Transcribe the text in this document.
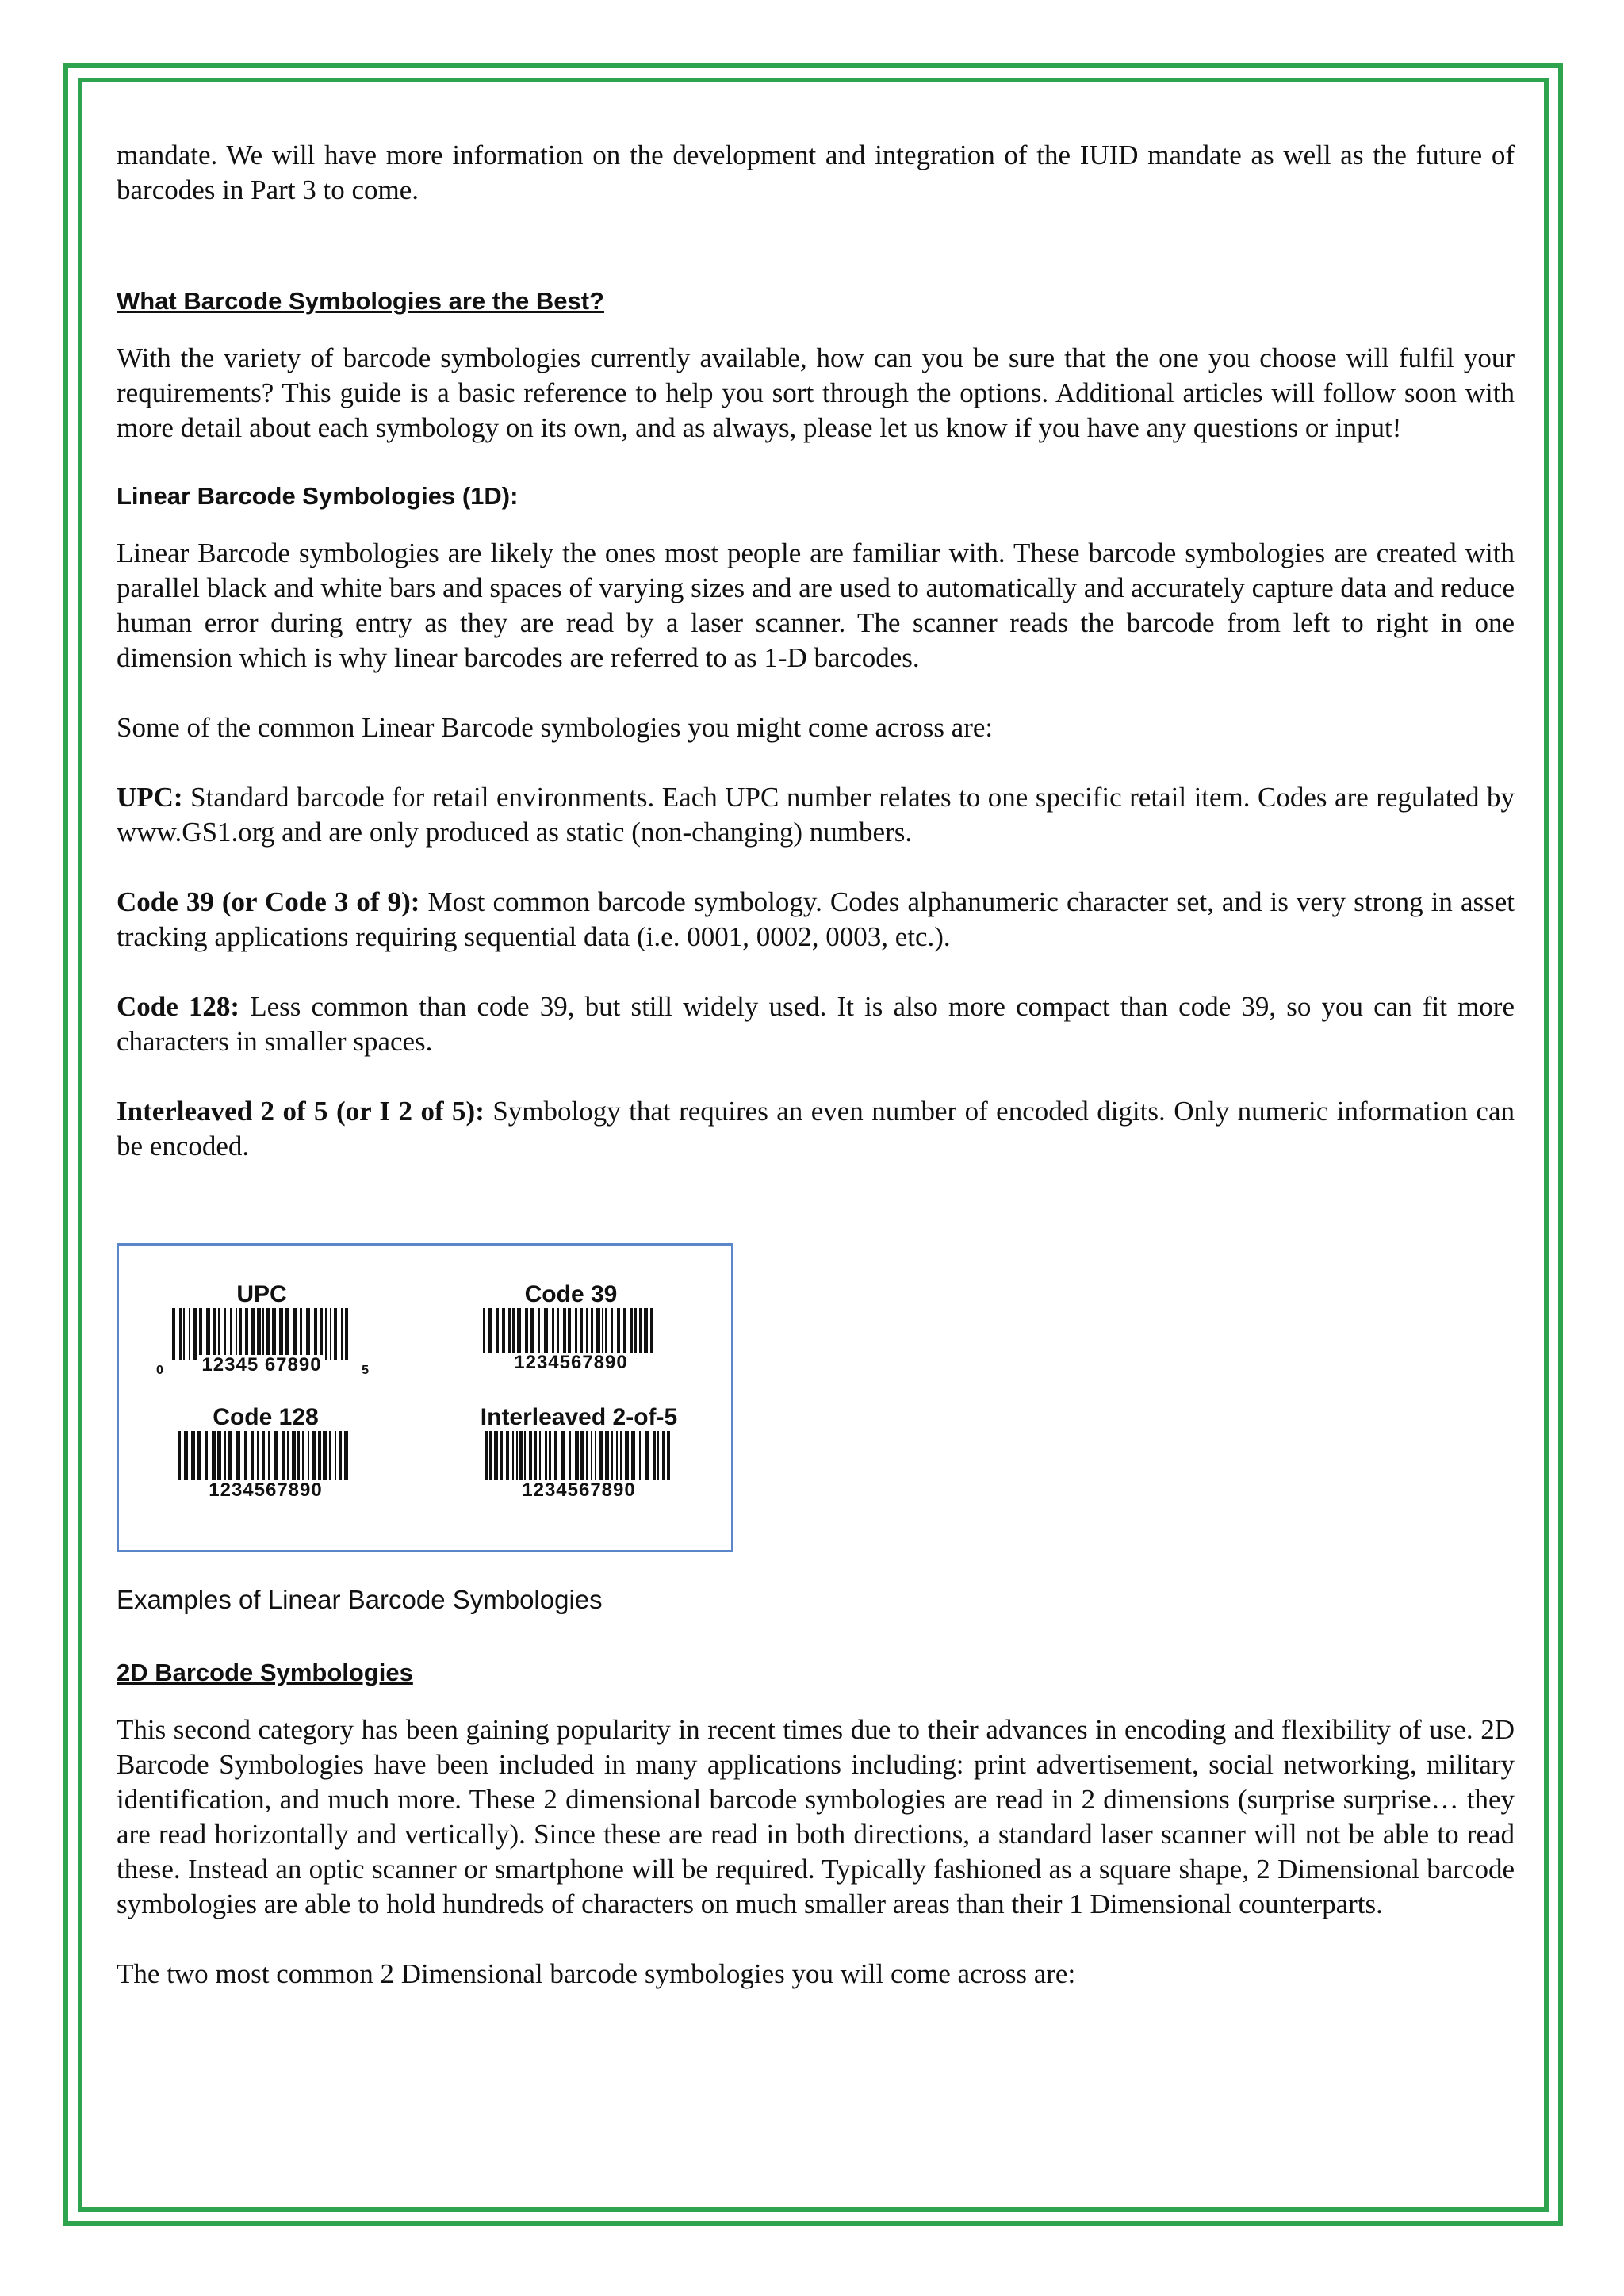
mandate. We will have more information on the development and integration of the IUID mandate as well as the future of barcodes in Part 3 to come.

What Barcode Symbologies are the Best?

With the variety of barcode symbologies currently available, how can you be sure that the one you choose will fulfil your requirements? This guide is a basic reference to help you sort through the options. Additional articles will follow soon with more detail about each symbology on its own, and as always, please let us know if you have any questions or input!

Linear Barcode Symbologies (1D):

Linear Barcode symbologies are likely the ones most people are familiar with. These barcode symbologies are created with parallel black and white bars and spaces of varying sizes and are used to automatically and accurately capture data and reduce human error during entry as they are read by a laser scanner. The scanner reads the barcode from left to right in one dimension which is why linear barcodes are referred to as 1-D barcodes.

Some of the common Linear Barcode symbologies you might come across are:

UPC: Standard barcode for retail environments. Each UPC number relates to one specific retail item. Codes are regulated by www.GS1.org and are only produced as static (non-changing) numbers.

Code 39 (or Code 3 of 9): Most common barcode symbology. Codes alphanumeric character set, and is very strong in asset tracking applications requiring sequential data (i.e. 0001, 0002, 0003, etc.).

Code 128: Less common than code 39, but still widely used. It is also more compact than code 39, so you can fit more characters in smaller spaces.

Interleaved 2 of 5 (or I 2 of 5): Symbology that requires an even number of encoded digits. Only numeric information can be encoded.

UPC
12345 67890
0	5
Code 39
1234567890
Code 128
1234567890
Interleaved 2-of-5
1234567890
Examples of Linear Barcode Symbologies
2D Barcode Symbologies

This second category has been gaining popularity in recent times due to their advances in encoding and flexibility of use. 2D Barcode Symbologies have been included in many applications including: print advertisement, social networking, military identification, and much more. These 2 dimensional barcode symbologies are read in 2 dimensions (surprise surprise… they are read horizontally and vertically). Since these are read in both directions, a standard laser scanner will not be able to read these. Instead an optic scanner or smartphone will be required. Typically fashioned as a square shape, 2 Dimensional barcode symbologies are able to hold hundreds of characters on much smaller areas than their 1 Dimensional counterparts.

The two most common 2 Dimensional barcode symbologies you will come across are:
